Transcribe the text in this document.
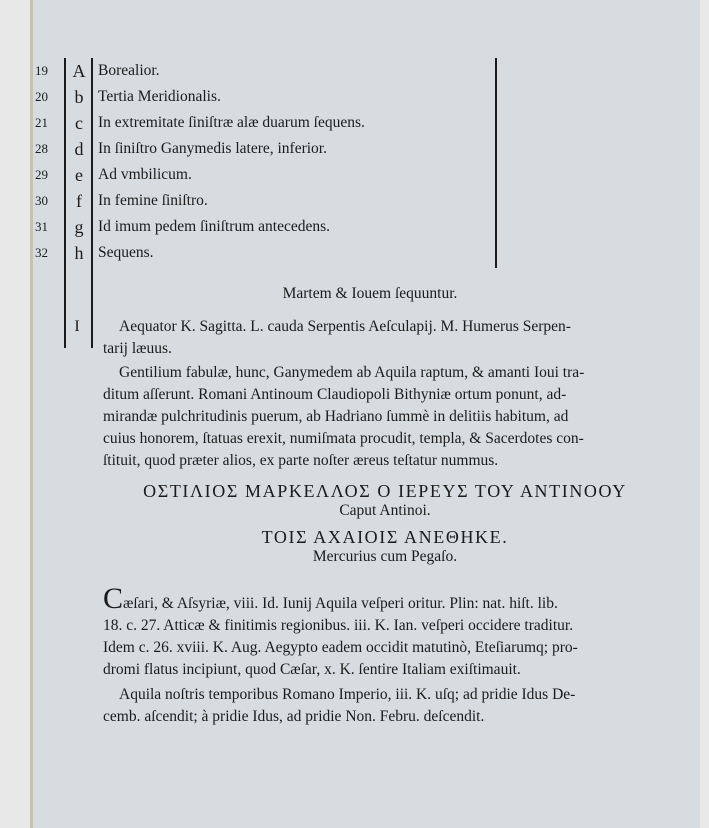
19	A Borealior.
20	b Tertia Meridionalis.
21	c In extremitate ſiniſtræ alæ duarum ſequens.
28	d In ſiniſtro Ganymedis latere, inferior.
29	e Ad vmbilicum.
30	f	In femine ſiniſtro.
31	g Id imum pedem ſiniſtrum antecedens.
32	h Sequens.
Martem & Iouem ſequuntur.
I	Aequator K. Sagitta. L. cauda Serpentis Aeſculapij. M. Humerus Serpen-
tarij læuus.
Gentilium fabulæ, hunc, Ganymedem ab Aquila raptum, & amanti Ioui tra-
ditum aſſerunt. Romani Antinoum Claudiopoli Bithyniæ ortum ponunt, ad-
mirandæ pulchritudinis puerum, ab Hadriano ſummè in delitiis habitum, ad
cuius honorem, ſtatuas erexit, numiſmata procudit, templa, & Sacerdotes con-
ſtituit, quod præter alios, ex parte noſter æreus teſtatur nummus.
ΟΣΤΙΛΙΟΣ ΜΑΡΚΕΛΛΟΣ Ο ΙΕΡΕΥΣ ΤΟΥ ΑΝΤΙΝΟΟΥ
Caput Antinoi.
ΤΟΙΣ ΑΧΑΙΟΙΣ ΑΝΕΘΗΚΕ.
Mercurius cum Pegaſo.
Cæſari, & Aſsyriæ, viii. Id. Iunij Aquila veſperi oritur. Plin: nat. hiſt. lib.
18. c. 27. Atticæ & finitimis regionibus. iii. K. Ian. veſperi occidere traditur.
Idem c. 26. xviii. K. Aug. Aegypto eadem occidit matutinò, Eteſiarumq; pro-
dromi flatus incipiunt, quod Cæſar, x. K. ſentire Italiam exiſtimauit.
Aquila noſtris temporibus Romano Imperio, iii. K. uſq; ad pridie Idus De-
cemb. aſcendit; à pridie Idus, ad pridie Non. Febru. deſcendit.
